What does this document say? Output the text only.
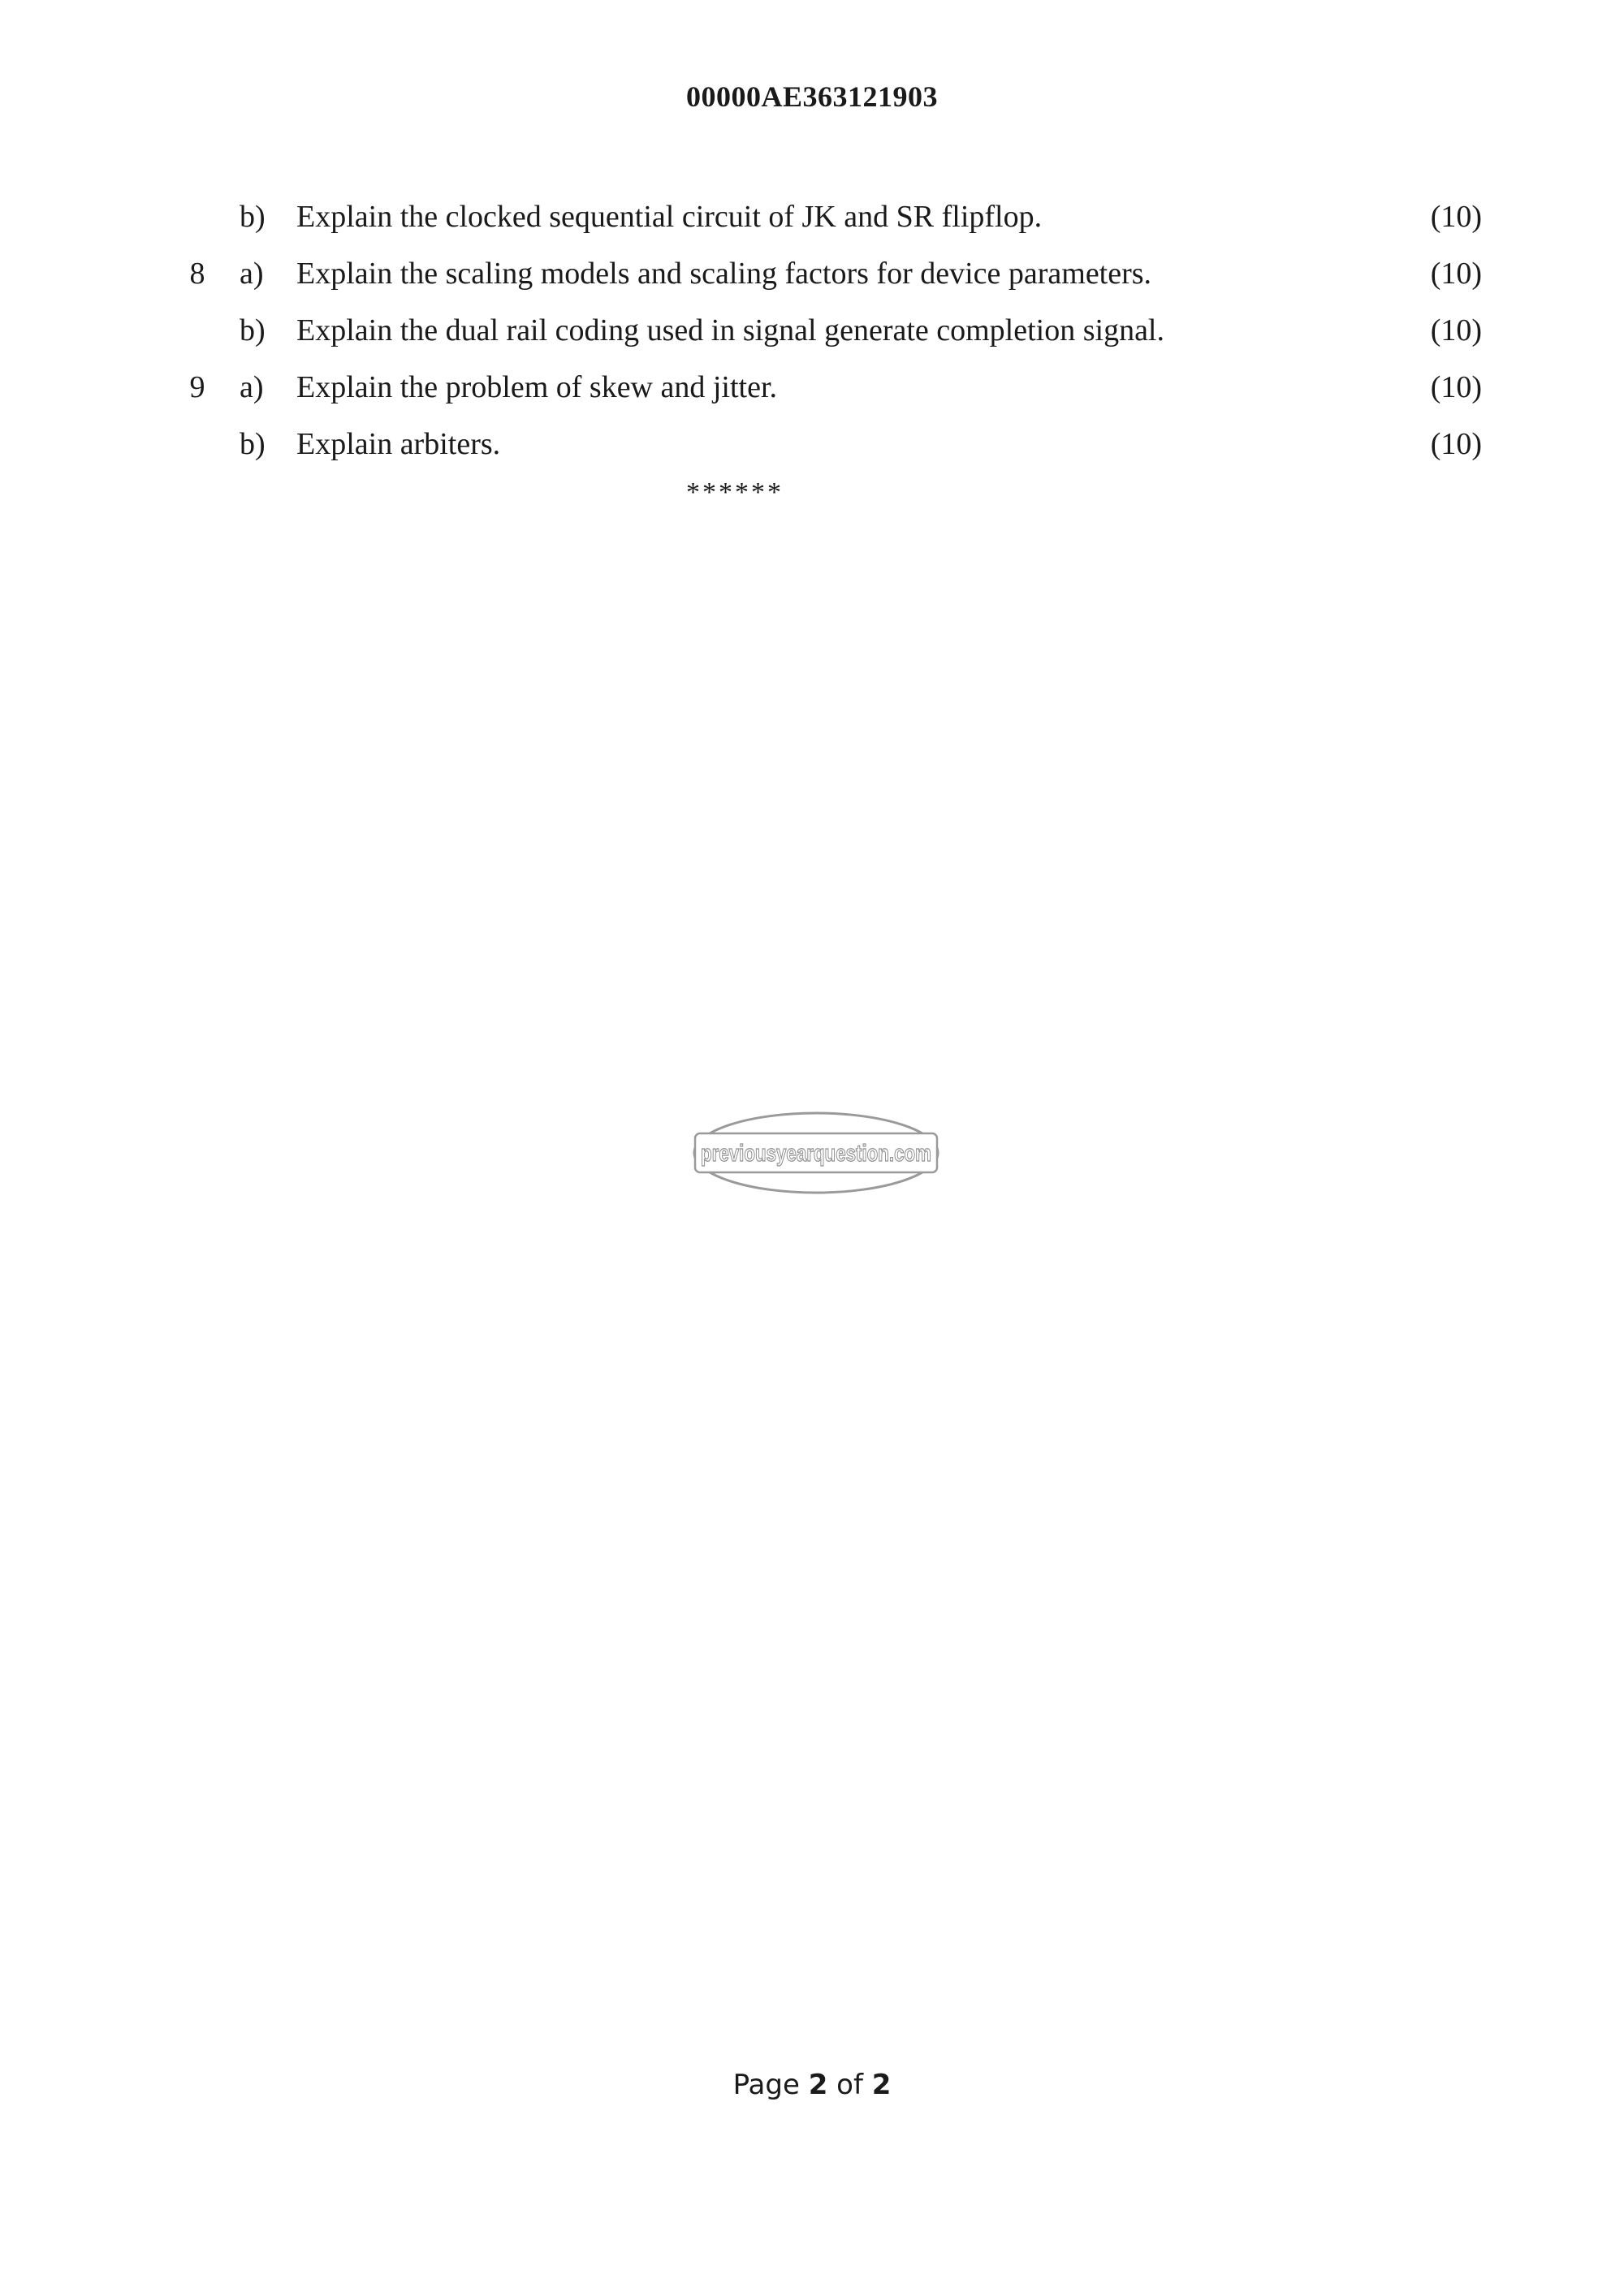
00000AE363121903
b)	Explain the clocked sequential circuit of JK and SR flipflop.	(10)
8 a)	Explain the scaling models and scaling factors for device parameters.	(10)
b)	Explain the dual rail coding used in signal generate completion signal.	(10)
9 a)	Explain the problem of skew and jitter.	(10)
b)	Explain arbiters.	(10)
******
previousyearquestion.com
Page 2 of 2
